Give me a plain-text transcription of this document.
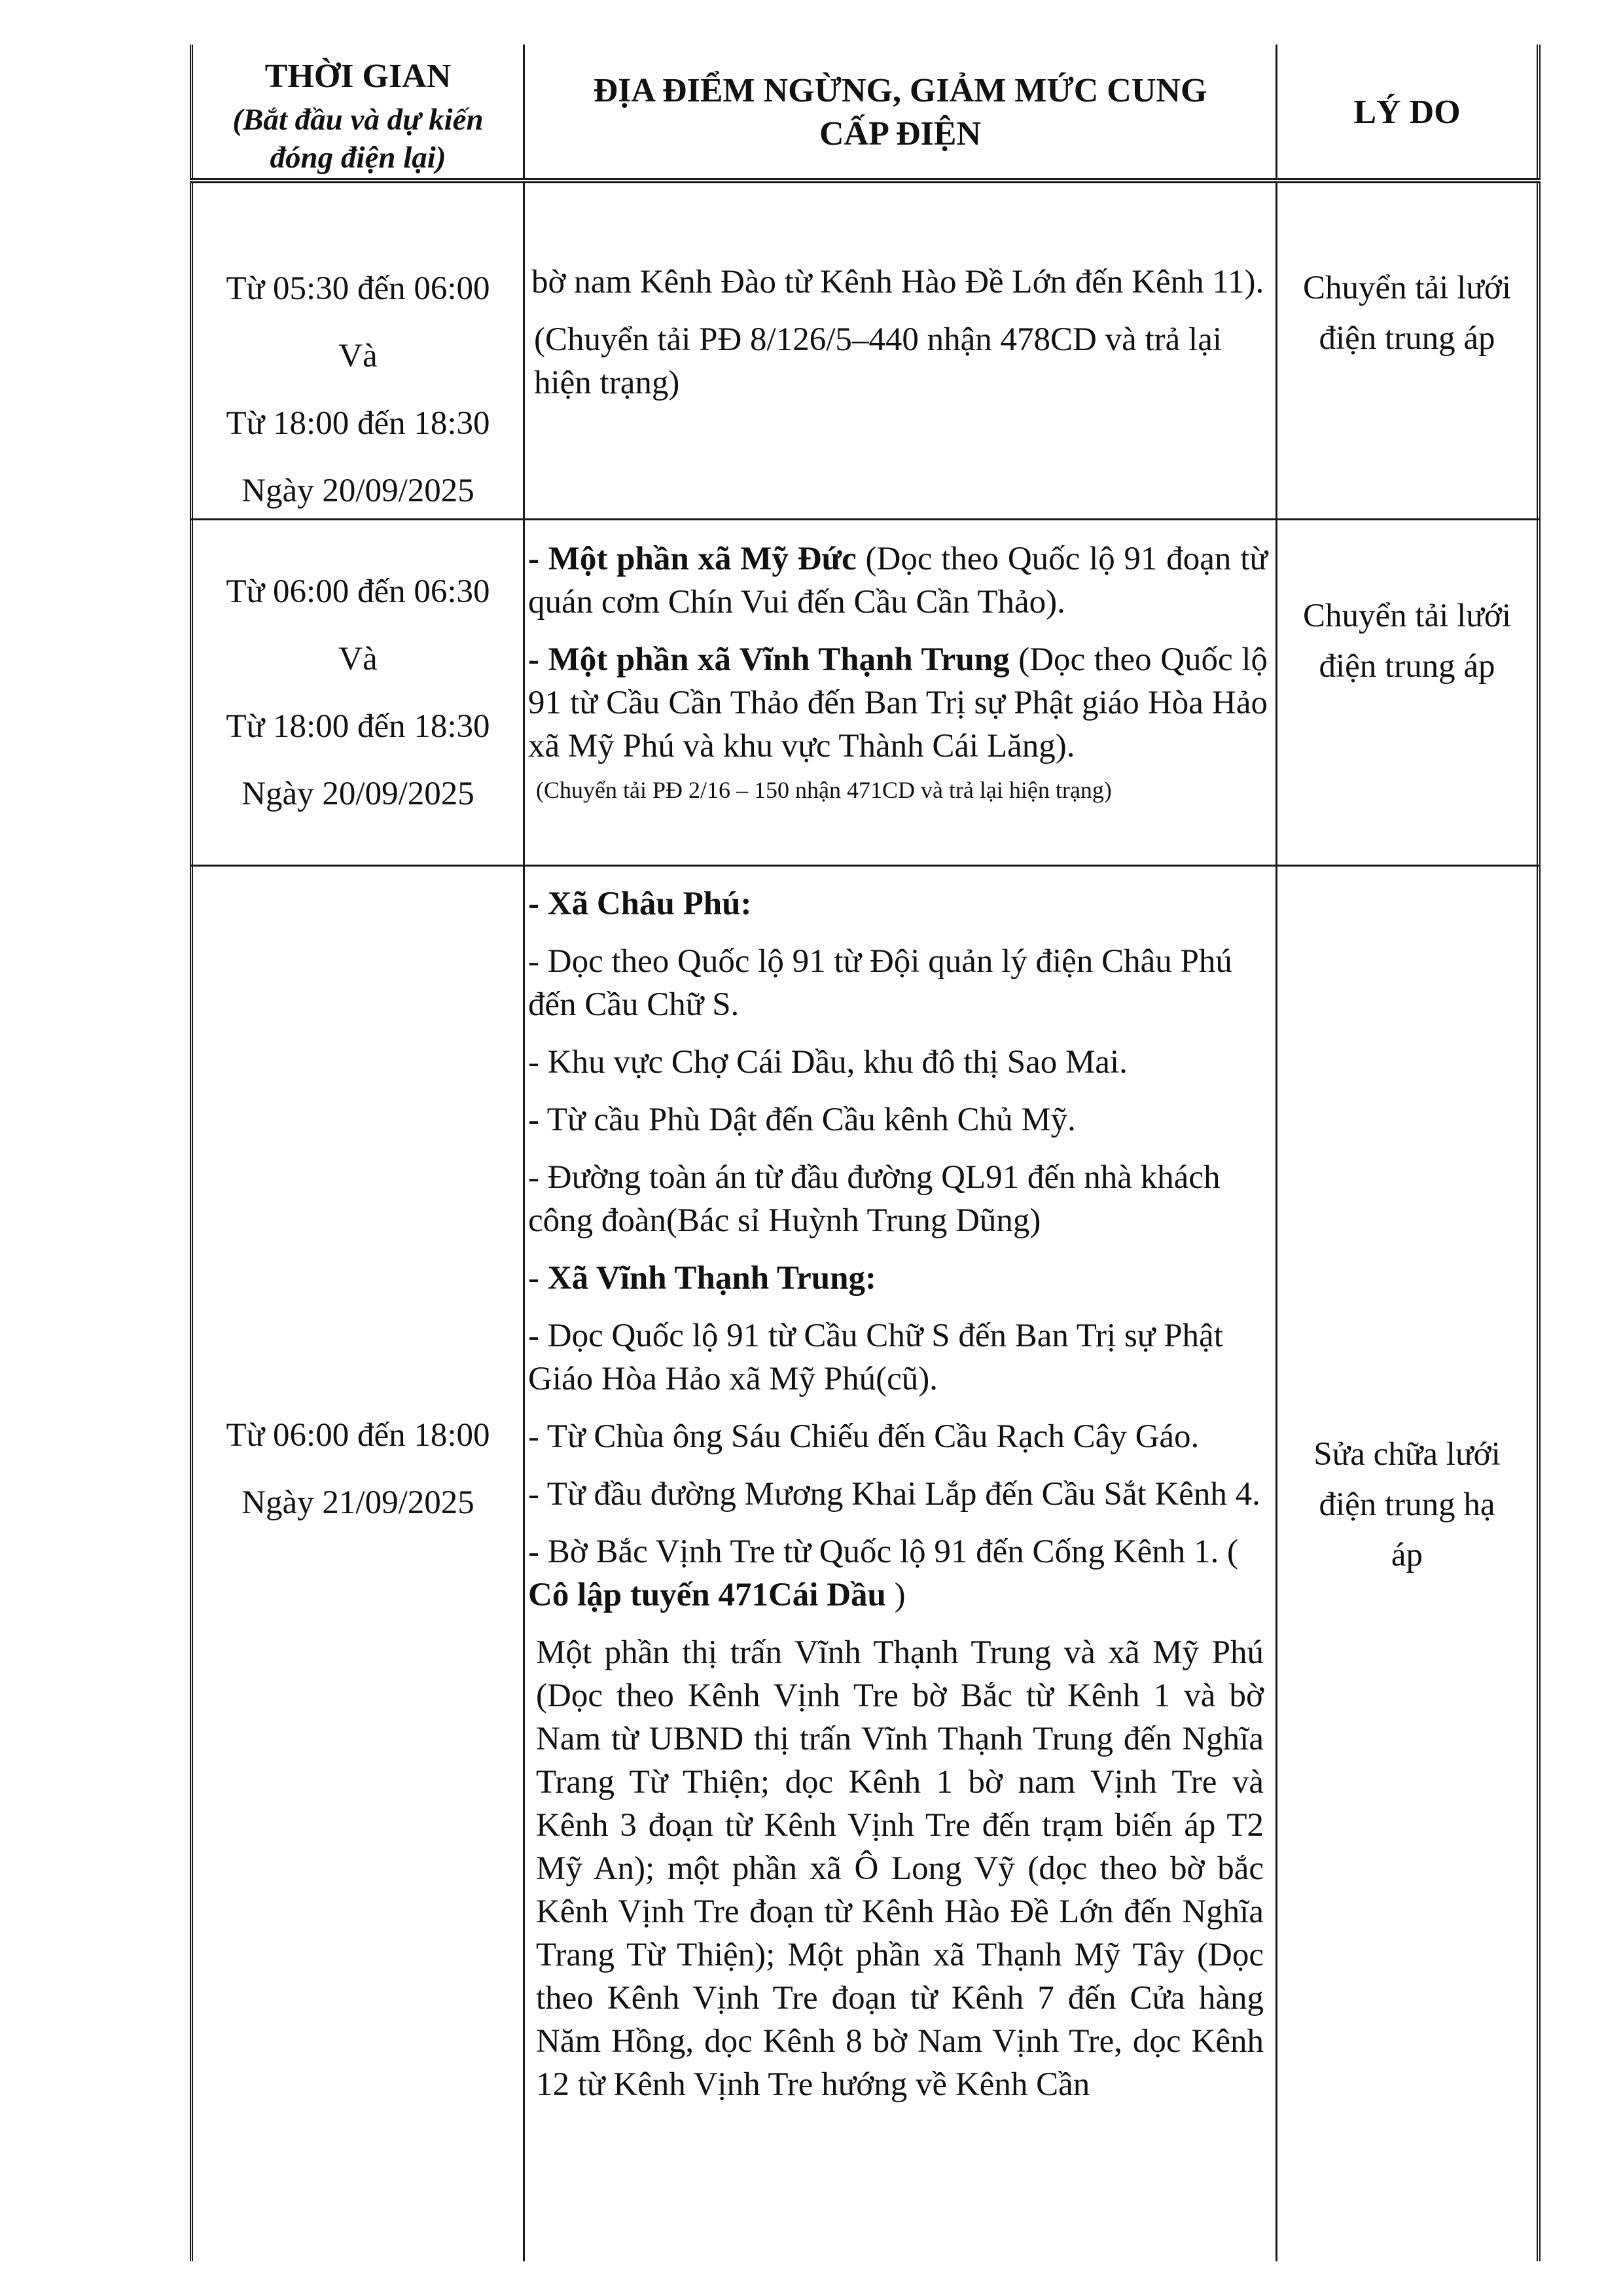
THỜI GIAN
(Bắt đầu và dự kiến đóng điện lại)
ĐỊA ĐIỂM NGỪNG, GIẢM MỨC CUNG CẤP ĐIỆN
LÝ DO
Từ 05:30 đến 06:00
Và
Từ 18:00 đến 18:30
Ngày 20/09/2025

bờ nam Kênh Đào từ Kênh Hào Đề Lớn đến Kênh 11).

(Chuyển tải PĐ 8/126/5–440 nhận 478CD và trả lại hiện trạng)

Chuyển tải lưới điện trung áp
Từ 06:00 đến 06:30
Và
Từ 18:00 đến 18:30
Ngày 20/09/2025

- Một phần xã Mỹ Đức (Dọc theo Quốc lộ 91 đoạn từ quán cơm Chín Vui đến Cầu Cần Thảo).

- Một phần xã Vĩnh Thạnh Trung (Dọc theo Quốc lộ 91 từ Cầu Cần Thảo đến Ban Trị sự Phật giáo Hòa Hảo xã Mỹ Phú và khu vực Thành Cái Lăng).

(Chuyển tải PĐ 2/16 – 150 nhận 471CD và trả lại hiện trạng)

Chuyển tải lưới điện trung áp
Từ 06:00 đến 18:00
Ngày 21/09/2025

- Xã Châu Phú:

- Dọc theo Quốc lộ 91 từ Đội quản lý điện Châu Phú đến Cầu Chữ S.

- Khu vực Chợ Cái Dầu, khu đô thị Sao Mai.

- Từ cầu Phù Dật đến Cầu kênh Chủ Mỹ.

- Đường toàn án từ đầu đường QL91 đến nhà khách công đoàn(Bác sỉ Huỳnh Trung Dũng)

- Xã Vĩnh Thạnh Trung:

- Dọc Quốc lộ 91 từ Cầu Chữ S đến Ban Trị sự Phật Giáo Hòa Hảo xã Mỹ Phú(cũ).

- Từ Chùa ông Sáu Chiếu đến Cầu Rạch Cây Gáo.

- Từ đầu đường Mương Khai Lắp đến Cầu Sắt Kênh 4.

- Bờ Bắc Vịnh Tre từ Quốc lộ 91 đến Cống Kênh 1. ( Cô lập tuyến 471Cái Dầu )

Một phần thị trấn Vĩnh Thạnh Trung và xã Mỹ Phú (Dọc theo Kênh Vịnh Tre bờ Bắc từ Kênh 1 và bờ Nam từ UBND thị trấn Vĩnh Thạnh Trung đến Nghĩa Trang Từ Thiện; dọc Kênh 1 bờ nam Vịnh Tre và Kênh 3 đoạn từ Kênh Vịnh Tre đến trạm biến áp T2 Mỹ An); một phần xã Ô Long Vỹ (dọc theo bờ bắc Kênh Vịnh Tre đoạn từ Kênh Hào Đề Lớn đến Nghĩa Trang Từ Thiện); Một phần xã Thạnh Mỹ Tây (Dọc theo Kênh Vịnh Tre đoạn từ Kênh 7 đến Cửa hàng Năm Hồng, dọc Kênh 8 bờ Nam Vịnh Tre, dọc Kênh 12 từ Kênh Vịnh Tre hướng về Kênh Cần

Sửa chữa lưới điện trung hạ áp
